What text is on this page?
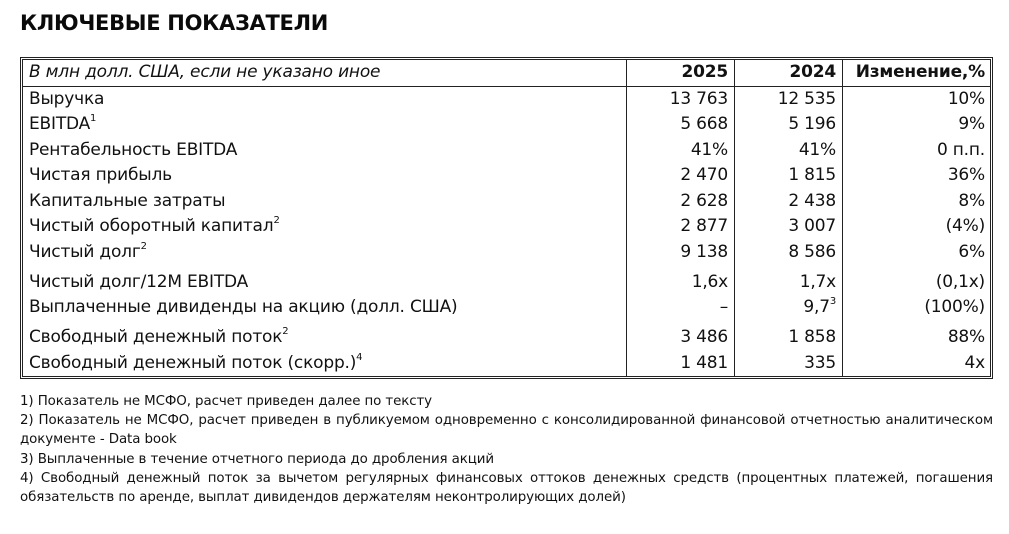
КЛЮЧЕВЫЕ ПОКАЗАТЕЛИ
В млн долл. США, если не указано иное	2025	2024	Изменение,%
Выручка	13 763	12 535	10%
EBITDA$^1$	5 668	5 196	9%
Рентабельность EBITDA	41%	41%	0 п.п.
Чистая прибыль	2 470	1 815	36%
Капитальные затраты	2 628	2 438	8%
Чистый оборотный капитал$^2$	2 877	3 007	(4%)
Чистый долг$^2$	9 138	8 586	6%
Чистый долг/12M EBITDA	1,6x	1,7x	(0,1x)
Выплаченные дивиденды на акцию (долл. США)	–	$9,7^3$	(100%)
Свободный денежный поток$^2$	3 486	1 858	88%
Свободный денежный поток (скорр.)$^4$	1 481	335	4x
1) Показатель не МСФО, расчет приведен далее по тексту
2) Показатель не МСФО, расчет приведен в публикуемом одновременно с консолидированной финансовой отчетностью аналитическом документе - Data book
3) Выплаченные в течение отчетного периода до дробления акций
4) Свободный денежный поток за вычетом регулярных финансовых оттоков денежных средств (процентных платежей, погашения обязательств по аренде, выплат дивидендов держателям неконтролирующих долей)
